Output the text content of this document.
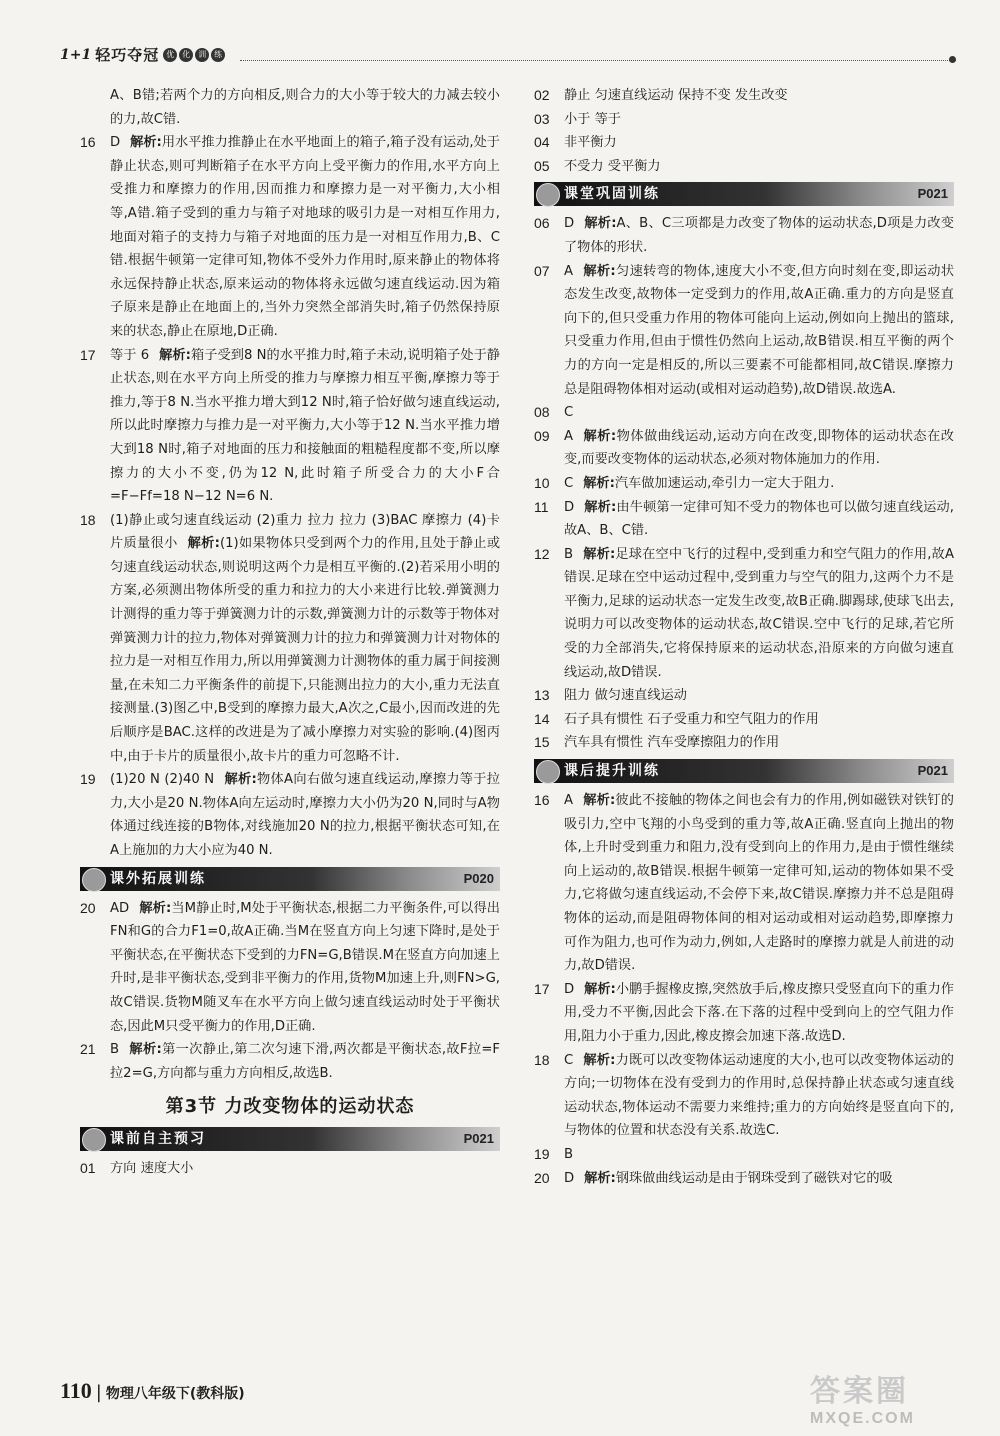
1+1 轻巧夺冠 优	化	训	练

A、B错;若两个力的方向相反,则合力的大小等于较大的力减去较小的力,故C错.

16 D 解析:用水平推力推静止在水平地面上的箱子,箱子没有运动,处于静止状态,则可判断箱子在水平方向上受平衡力的作用,水平方向上受推力和摩擦力的作用,因而推力和摩擦力是一对平衡力,大小相等,A错.箱子受到的重力与箱子对地球的吸引力是一对相互作用力,地面对箱子的支持力与箱子对地面的压力是一对相互作用力,B、C错.根据牛顿第一定律可知,物体不受外力作用时,原来静止的物体将永远保持静止状态,原来运动的物体将永远做匀速直线运动.因为箱子原来是静止在地面上的,当外力突然全部消失时,箱子仍然保持原来的状态,静止在原地,D正确.

17 等于 6 解析:箱子受到8 N的水平推力时,箱子未动,说明箱子处于静止状态,则在水平方向上所受的推力与摩擦力相互平衡,摩擦力等于推力,等于8 N.当水平推力增大到12 N时,箱子恰好做匀速直线运动,所以此时摩擦力与推力是一对平衡力,大小等于12 N.当水平推力增大到18 N时,箱子对地面的压力和接触面的粗糙程度都不变,所以摩擦力的大小不变,仍为12 N,此时箱子所受合力的大小F合=F−Ff=18 N−12 N=6 N.

18 (1)静止或匀速直线运动 (2)重力 拉力 拉力 (3)BAC 摩擦力 (4)卡片质量很小 解析:(1)如果物体只受到两个力的作用,且处于静止或匀速直线运动状态,则说明这两个力是相互平衡的.(2)若采用小明的方案,必须测出物体所受的重力和拉力的大小来进行比较.弹簧测力计测得的重力等于弹簧测力计的示数,弹簧测力计的示数等于物体对弹簧测力计的拉力,物体对弹簧测力计的拉力和弹簧测力计对物体的拉力是一对相互作用力,所以用弹簧测力计测物体的重力属于间接测量,在未知二力平衡条件的前提下,只能测出拉力的大小,重力无法直接测量.(3)图乙中,B受到的摩擦力最大,A次之,C最小,因而改进的先后顺序是BAC.这样的改进是为了减小摩擦力对实验的影响.(4)图丙中,由于卡片的质量很小,故卡片的重力可忽略不计.

19 (1)20 N (2)40 N 解析:物体A向右做匀速直线运动,摩擦力等于拉力,大小是20 N.物体A向左运动时,摩擦力大小仍为20 N,同时与A物体通过线连接的B物体,对线施加20 N的拉力,根据平衡状态可知,在A上施加的力大小应为40 N.

课外拓展训练	P020

20 AD 解析:当M静止时,M处于平衡状态,根据二力平衡条件,可以得出FN和G的合力F1=0,故A正确.当M在竖直方向上匀速下降时,是处于平衡状态,在平衡状态下受到的力FN=G,B错误.M在竖直方向加速上升时,是非平衡状态,受到非平衡力的作用,货物M加速上升,则FN>G,故C错误.货物M随叉车在水平方向上做匀速直线运动时处于平衡状态,因此M只受平衡力的作用,D正确.

21 B 解析:第一次静止,第二次匀速下滑,两次都是平衡状态,故F拉=F拉2=G,方向都与重力方向相反,故选B.

第3节 力改变物体的运动状态
课前自主预习	P021

01 方向 速度大小

02 静止 匀速直线运动 保持不变 发生改变

03 小于 等于

04 非平衡力

05 不受力 受平衡力

课堂巩固训练	P021

06 D 解析:A、B、C三项都是力改变了物体的运动状态,D项是力改变了物体的形状.

07 A 解析:匀速转弯的物体,速度大小不变,但方向时刻在变,即运动状态发生改变,故物体一定受到力的作用,故A正确.重力的方向是竖直向下的,但只受重力作用的物体可能向上运动,例如向上抛出的篮球,只受重力作用,但由于惯性仍然向上运动,故B错误.相互平衡的两个力的方向一定是相反的,所以三要素不可能都相同,故C错误.摩擦力总是阻碍物体相对运动(或相对运动趋势),故D错误.故选A.

08 C

09 A 解析:物体做曲线运动,运动方向在改变,即物体的运动状态在改变,而要改变物体的运动状态,必须对物体施加力的作用.

10 C 解析:汽车做加速运动,牵引力一定大于阻力.

11 D 解析:由牛顿第一定律可知不受力的物体也可以做匀速直线运动,故A、B、C错.

12 B 解析:足球在空中飞行的过程中,受到重力和空气阻力的作用,故A错误.足球在空中运动过程中,受到重力与空气的阻力,这两个力不是平衡力,足球的运动状态一定发生改变,故B正确.脚踢球,使球飞出去,说明力可以改变物体的运动状态,故C错误.空中飞行的足球,若它所受的力全部消失,它将保持原来的运动状态,沿原来的方向做匀速直线运动,故D错误.

13 阻力 做匀速直线运动

14 石子具有惯性 石子受重力和空气阻力的作用

15 汽车具有惯性 汽车受摩擦阻力的作用

课后提升训练	P021

16 A 解析:彼此不接触的物体之间也会有力的作用,例如磁铁对铁钉的吸引力,空中飞翔的小鸟受到的重力等,故A正确.竖直向上抛出的物体,上升时受到重力和阻力,没有受到向上的作用力,是由于惯性继续向上运动的,故B错误.根据牛顿第一定律可知,运动的物体如果不受力,它将做匀速直线运动,不会停下来,故C错误.摩擦力并不总是阻碍物体的运动,而是阻碍物体间的相对运动或相对运动趋势,即摩擦力可作为阻力,也可作为动力,例如,人走路时的摩擦力就是人前进的动力,故D错误.

17 D 解析:小鹏手握橡皮擦,突然放手后,橡皮擦只受竖直向下的重力作用,受力不平衡,因此会下落.在下落的过程中受到向上的空气阻力作用,阻力小于重力,因此,橡皮擦会加速下落.故选D.

18 C 解析:力既可以改变物体运动速度的大小,也可以改变物体运动的方向;一切物体在没有受到力的作用时,总保持静止状态或匀速直线运动状态,物体运动不需要力来维持;重力的方向始终是竖直向下的,与物体的位置和状态没有关系.故选C.

19 B

20 D 解析:钢珠做曲线运动是由于钢珠受到了磁铁对它的吸

110 | 物理八年级下(教科版)	答案圈
MXQE.COM
